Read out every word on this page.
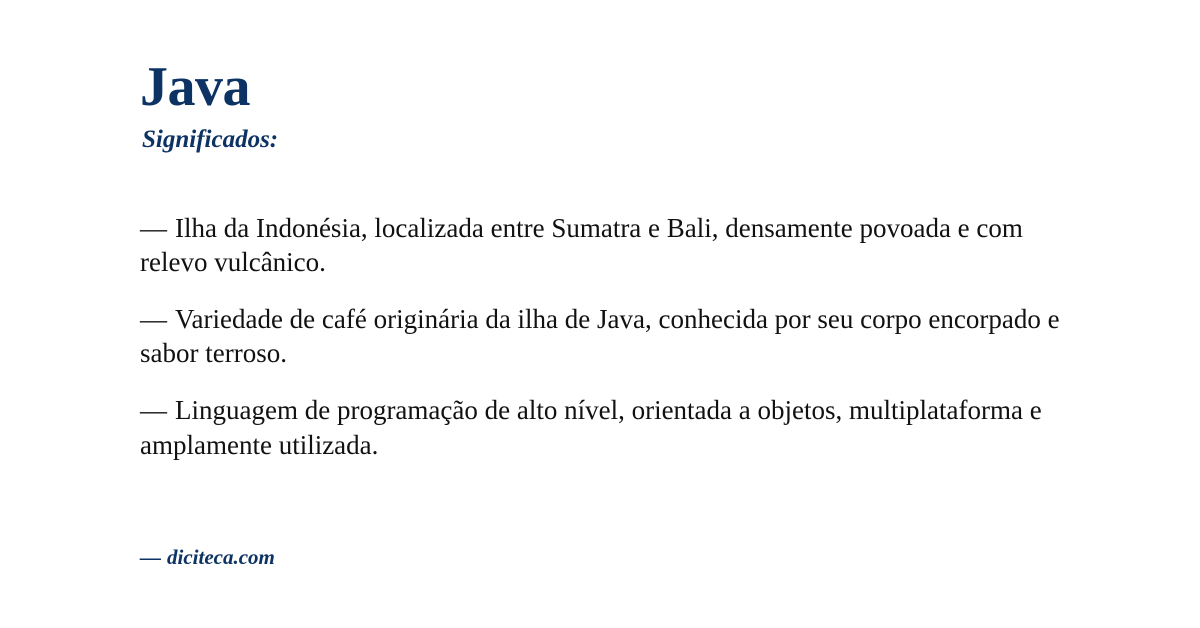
Java
Significados:

— Ilha da Indonésia, localizada entre Sumatra e Bali, densamente povoada e com relevo vulcânico.

— Variedade de café originária da ilha de Java, conhecida por seu corpo encorpado e sabor terroso.

— Linguagem de programação de alto nível, orientada a objetos, multiplataforma e amplamente utilizada.

— diciteca.com
